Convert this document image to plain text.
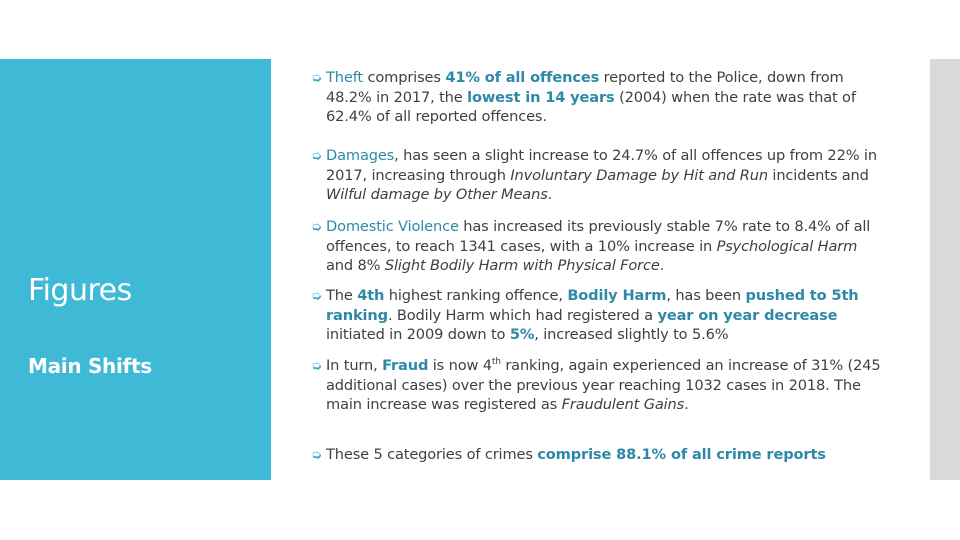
Figures
Main Shifts
➭ Theft comprises 41% of all offences reported to the Police, down from 48.2% in 2017, the lowest in 14 years (2004) when the rate was that of 62.4% of all reported offences.
➭ Damages, has seen a slight increase to 24.7% of all offences up from 22% in 2017, increasing through Involuntary Damage by Hit and Run incidents and Wilful damage by Other Means.
➭ Domestic Violence has increased its previously stable 7% rate to 8.4% of all offences, to reach 1341 cases, with a 10% increase in Psychological Harm and 8% Slight Bodily Harm with Physical Force.
➭ The 4th highest ranking offence, Bodily Harm, has been pushed to 5th ranking. Bodily Harm which had registered a year on year decrease initiated in 2009 down to 5%, increased slightly to 5.6%
➭ In turn, Fraud is now 4th ranking, again experienced an increase of 31% (245 additional cases) over the previous year reaching 1032 cases in 2018. The main increase was registered as Fraudulent Gains.
➭ These 5 categories of crimes comprise 88.1% of all crime reports
